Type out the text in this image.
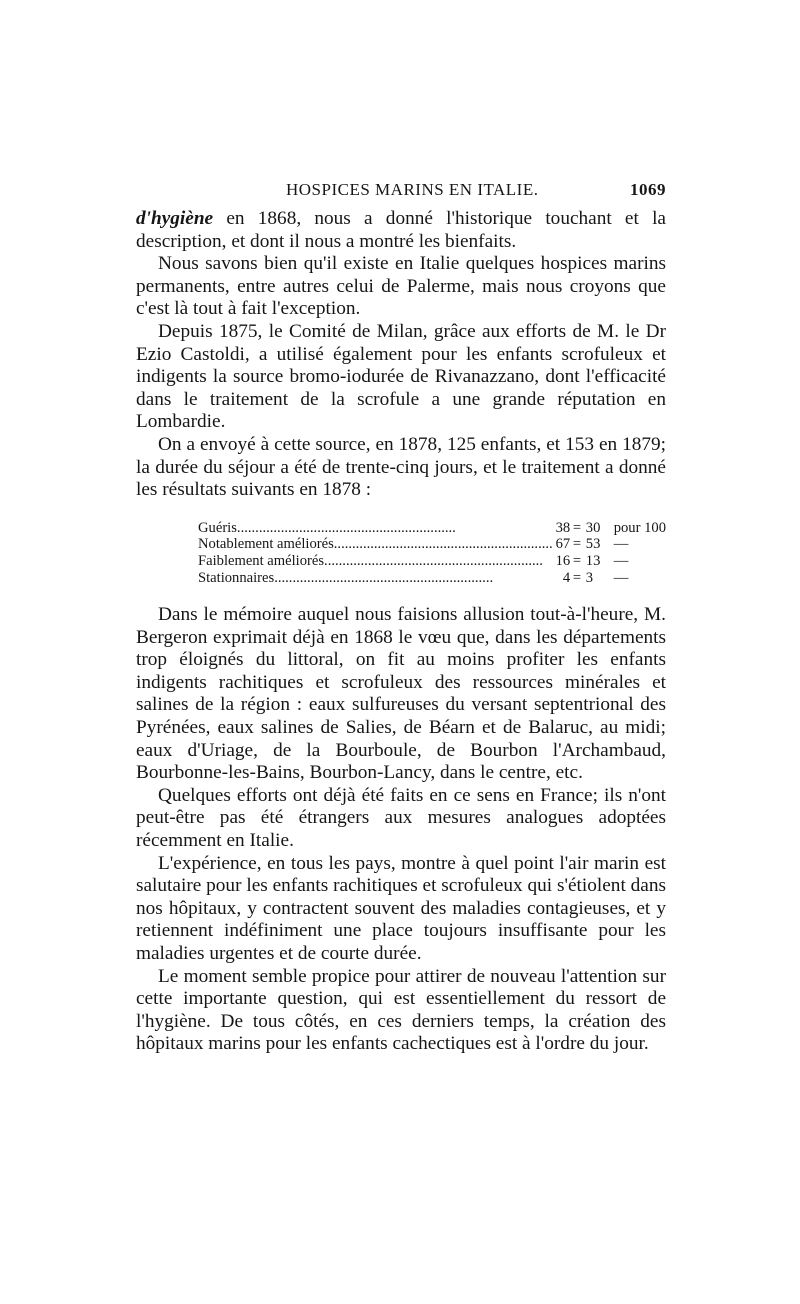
HOSPICES MARINS EN ITALIE.	1069

d'hygiène en 1868, nous a donné l'historique touchant et la description, et dont il nous a montré les bienfaits.

Nous savons bien qu'il existe en Italie quelques hospices marins permanents, entre autres celui de Palerme, mais nous croyons que c'est là tout à fait l'exception.

Depuis 1875, le Comité de Milan, grâce aux efforts de M. le Dr Ezio Castoldi, a utilisé également pour les enfants scrofuleux et indigents la source bromo-iodurée de Rivanazzano, dont l'efficacité dans le traitement de la scrofule a une grande réputation en Lombardie.

On a envoyé à cette source, en 1878, 125 enfants, et 153 en 1879; la durée du séjour a été de trente-cinq jours, et le traitement a donné les résultats suivants en 1878 :

Guéris............................................................	38	=	30	pour 100
Notablement améliorés............................................................	67	=	53	—
Faiblement améliorés............................................................	16	=	13	—
Stationnaires............................................................	4	=	3	—

Dans le mémoire auquel nous faisions allusion tout-à-l'heure, M. Bergeron exprimait déjà en 1868 le vœu que, dans les départements trop éloignés du littoral, on fit au moins profiter les enfants indigents rachitiques et scrofuleux des ressources minérales et salines de la région : eaux sulfureuses du versant septentrional des Pyrénées, eaux salines de Salies, de Béarn et de Balaruc, au midi; eaux d'Uriage, de la Bourboule, de Bourbon l'Archambaud, Bourbonne-les-Bains, Bourbon-Lancy, dans le centre, etc.

Quelques efforts ont déjà été faits en ce sens en France; ils n'ont peut-être pas été étrangers aux mesures analogues adoptées récemment en Italie.

L'expérience, en tous les pays, montre à quel point l'air marin est salutaire pour les enfants rachitiques et scrofuleux qui s'étiolent dans nos hôpitaux, y contractent souvent des maladies contagieuses, et y retiennent indéfiniment une place toujours insuffisante pour les maladies urgentes et de courte durée.

Le moment semble propice pour attirer de nouveau l'attention sur cette importante question, qui est essentiellement du ressort de l'hygiène. De tous côtés, en ces derniers temps, la création des hôpitaux marins pour les enfants cachectiques est à l'ordre du jour.
